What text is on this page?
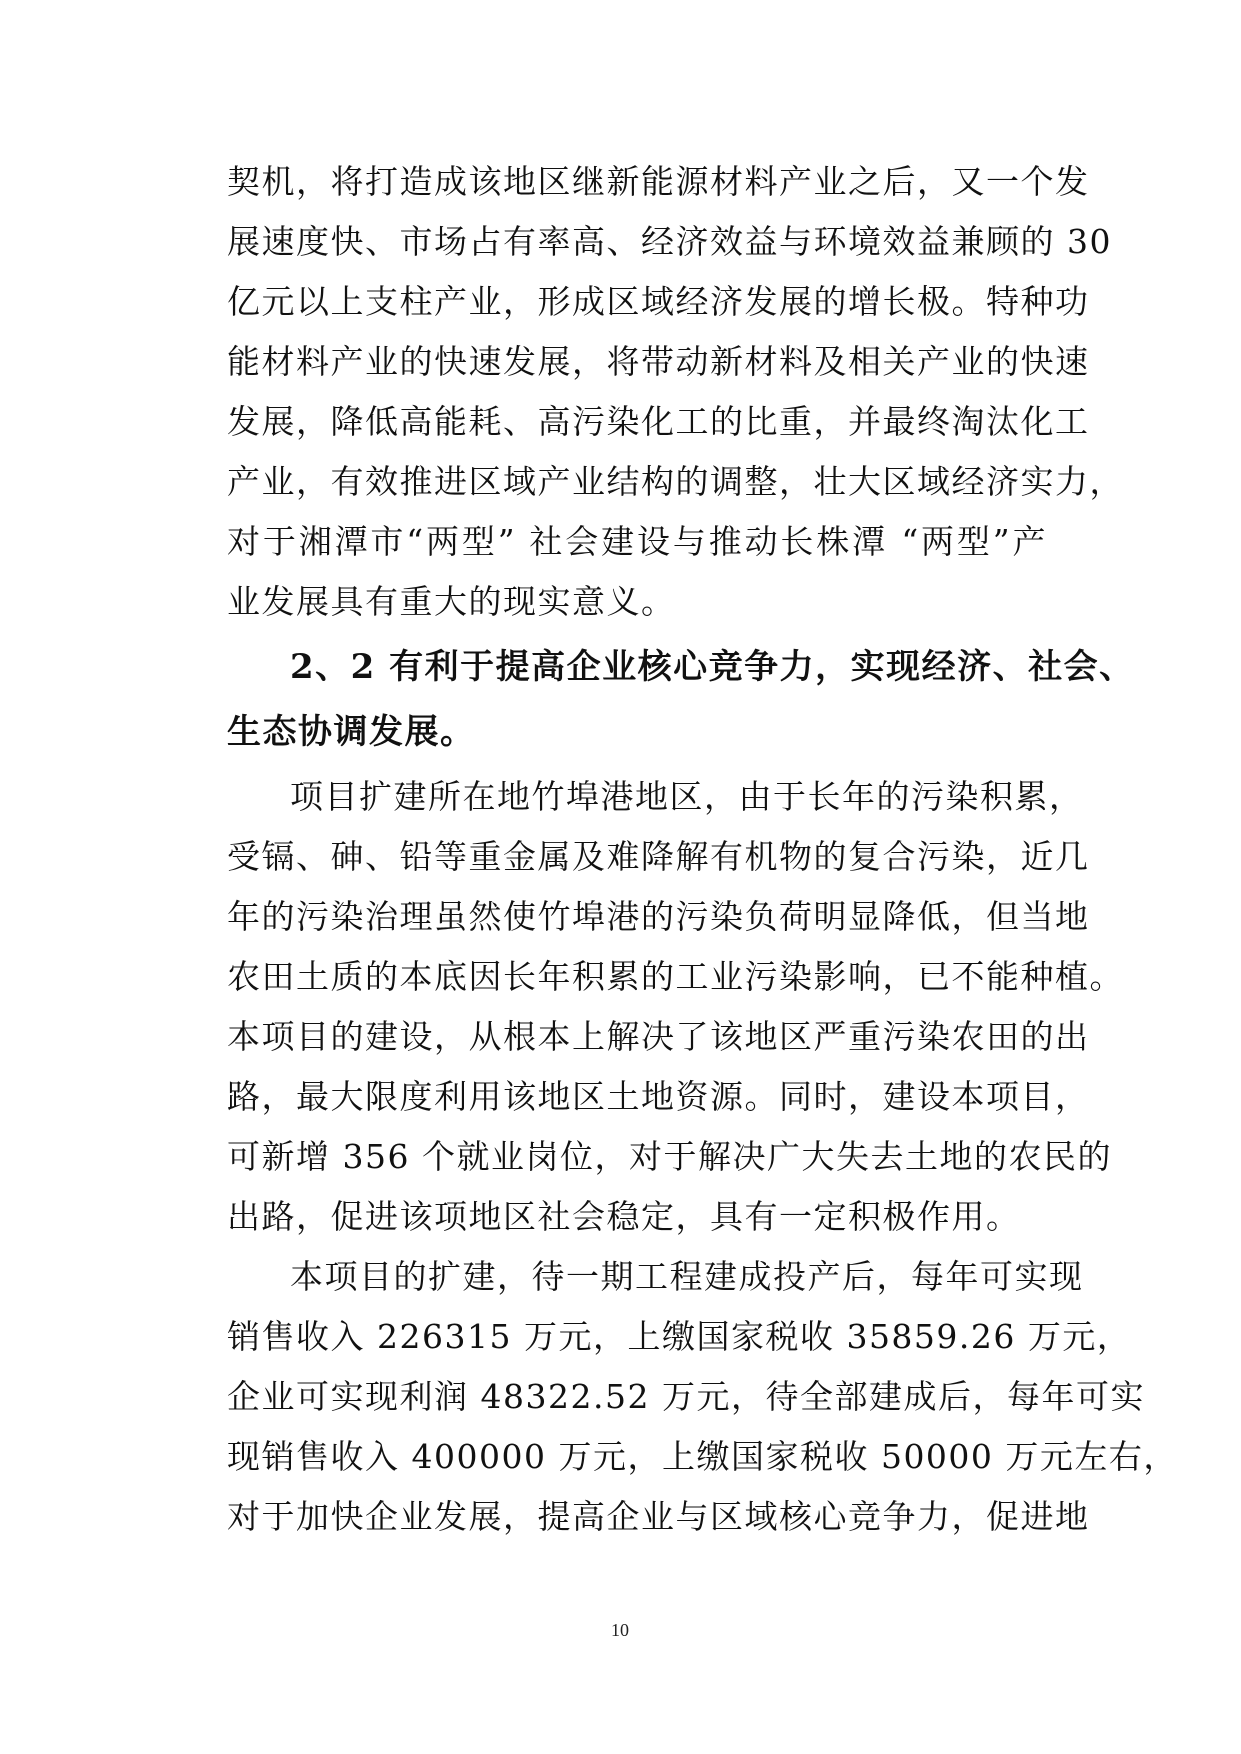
契机，将打造成该地区继新能源材料产业之后，又一个发
展速度快、市场占有率高、经济效益与环境效益兼顾的 30
亿元以上支柱产业，形成区域经济发展的增长极。特种功
能材料产业的快速发展，将带动新材料及相关产业的快速
发展，降低高能耗、高污染化工的比重，并最终淘汰化工
产业，有效推进区域产业结构的调整，壮大区域经济实力，
对于湘潭市“两型” 社会建设与推动长株潭 “两型”产
业发展具有重大的现实意义。
2、2 有利于提高企业核心竞争力，实现经济、社会、
生态协调发展。
项目扩建所在地竹埠港地区，由于长年的污染积累，
受镉、砷、铅等重金属及难降解有机物的复合污染，近几
年的污染治理虽然使竹埠港的污染负荷明显降低，但当地
农田土质的本底因长年积累的工业污染影响，已不能种植。
本项目的建设，从根本上解决了该地区严重污染农田的出
路，最大限度利用该地区土地资源。同时，建设本项目，
可新增 356 个就业岗位，对于解决广大失去土地的农民的
出路，促进该项地区社会稳定，具有一定积极作用。
本项目的扩建，待一期工程建成投产后，每年可实现
销售收入 226315 万元，上缴国家税收 35859.26 万元，
企业可实现利润 48322.52 万元，待全部建成后，每年可实
现销售收入 400000 万元，上缴国家税收 50000 万元左右，
对于加快企业发展，提高企业与区域核心竞争力，促进地
10
